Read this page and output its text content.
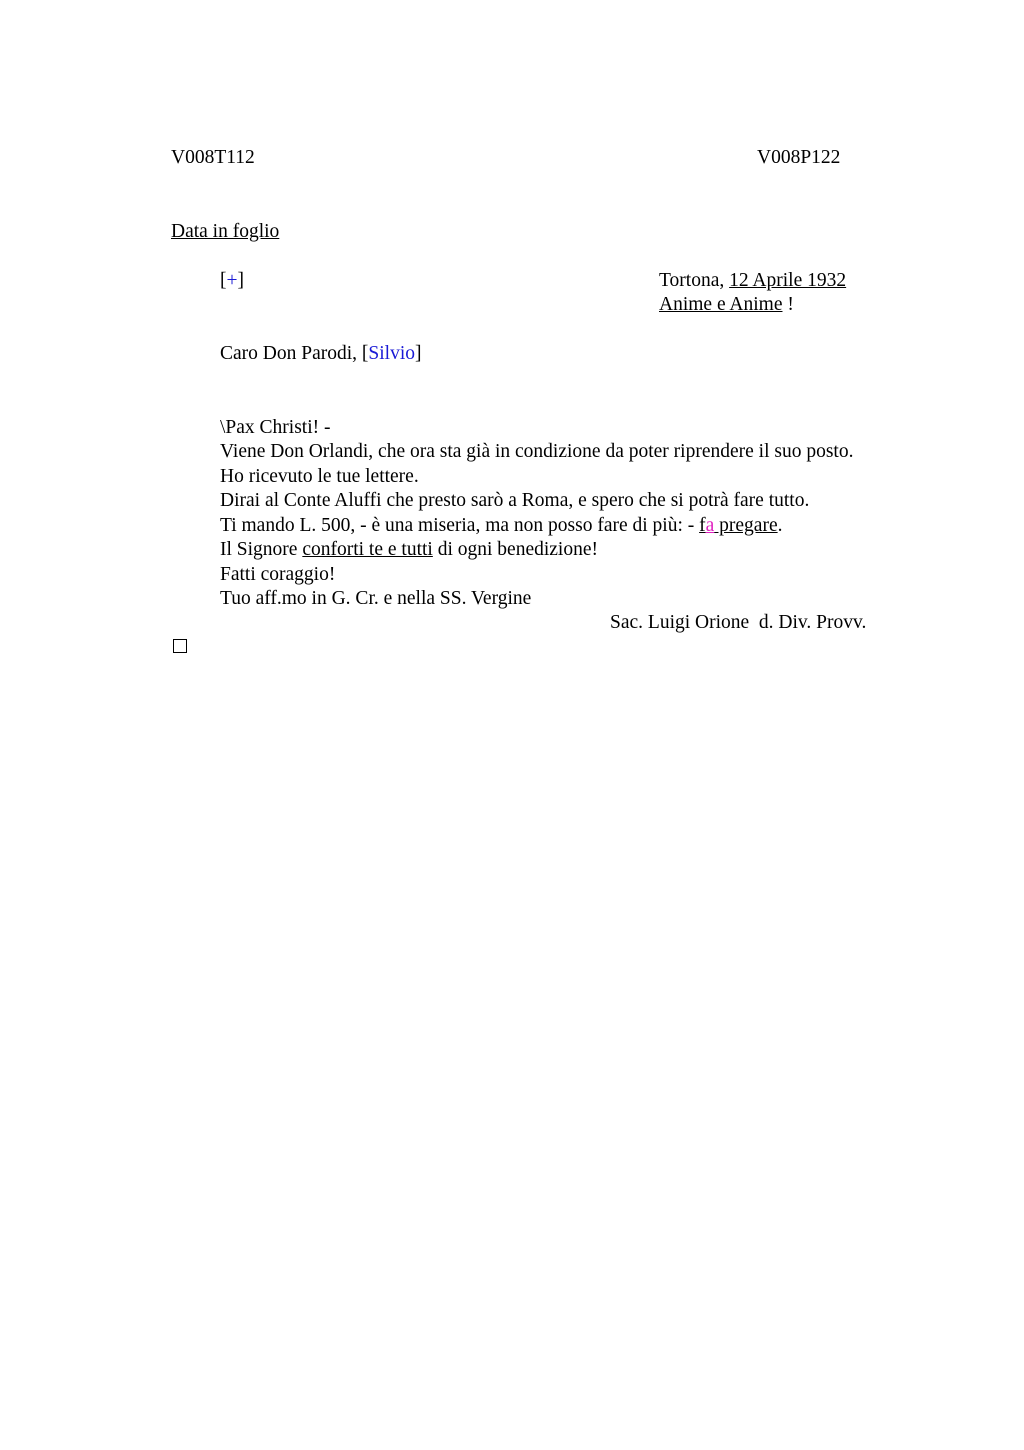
V008T112	V008P122
Data in foglio
[+]	Tortona, 12 Aprile 1932
Anime e Anime !
Caro Don Parodi, [Silvio]

\Pax Christi! -
Viene Don Orlandi, che ora sta già in condizione da poter riprendere il suo posto.
Ho ricevuto le tue lettere.
Dirai al Conte Aluffi che presto sarò a Roma, e spero che si potrà fare tutto.
Ti mando L. 500, - è una miseria, ma non posso fare di più: - fa pregare.
Il Signore conforti te e tutti di ogni benedizione!
Fatti coraggio!
Tuo aff.mo in G. Cr. e nella SS. Vergine

Sac. Luigi Orione  d. Div. Provv.
